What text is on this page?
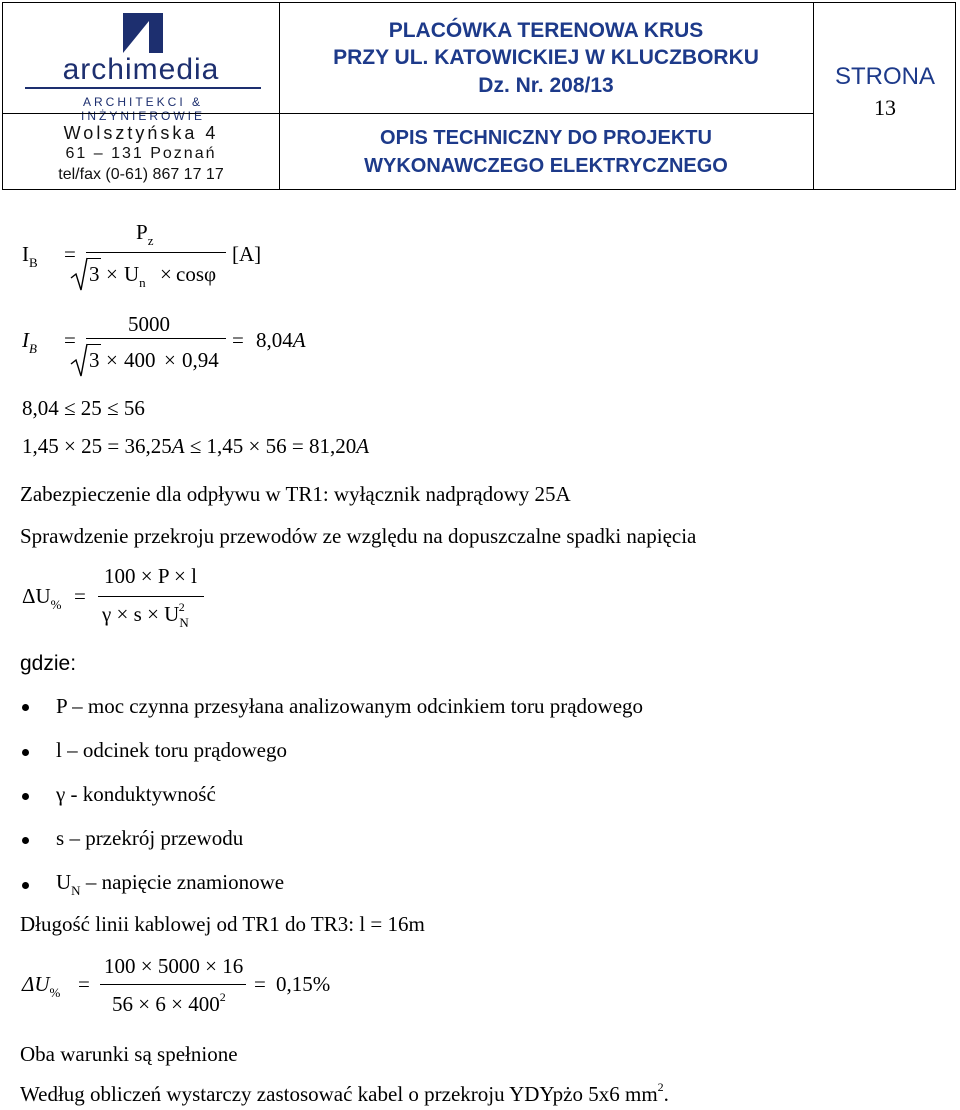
archimedia
ARCHITEKCI & INŻYNIEROWIE
Wolsztyńska 4
61 – 131 Poznań
tel/fax (0-61) 867 17 17
PLACÓWKA TERENOWA KRUS
PRZY UL. KATOWICKIEJ W KLUCZBORKU
Dz. Nr. 208/13
OPIS TECHNICZNY DO PROJEKTU
WYKONAWCZEGO ELEKTRYCZNEGO
STRONA
13
$I_B$ =
$P_z$
$3 \times U_n \times \cos\varphi$
[A]
$I_B$ =
5000
3 × 400 × 0,94
= 8,04A
8,04 ≤ 25 ≤ 56
1,45 × 25 = 36,25A ≤ 1,45 × 56 = 81,20A
Zabezpieczenie dla odpływu w TR1: wyłącznik nadprądowy 25A
Sprawdzenie przekroju przewodów ze względu na dopuszczalne spadki napięcia
$\Delta U_{\%}$ =
100 × P × l
$\gamma \times s \times U_N^2$
gdzie:
P – moc czynna przesyłana analizowanym odcinkiem toru prądowego
l – odcinek toru prądowego
γ - konduktywność
s – przekrój przewodu
$U_N$ – napięcie znamionowe
Długość linii kablowej od TR1 do TR3: l = 16m
$\Delta U_{\%}$ =
100 × 5000 × 16
$56 \times 6 \times 400^2$
= 0,15%
Oba warunki są spełnione
Według obliczeń wystarczy zastosować kabel o przekroju YDYpżo 5x6 $mm^2$.
